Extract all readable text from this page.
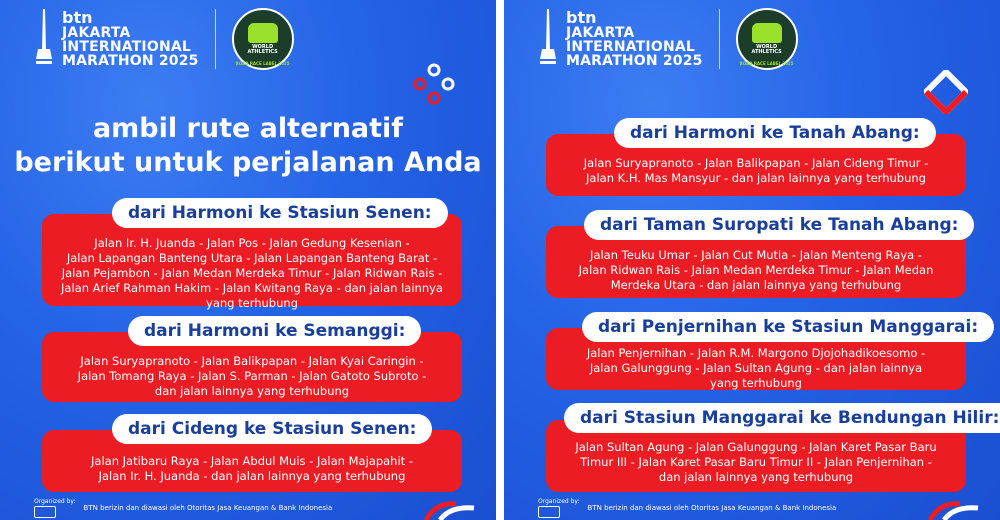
btn
JAKARTA
INTERNATIONAL
MARATHON 2025
WORLD
ATHLETICS
ROAD RACE LABEL 2025
ambil rute alternatif
berikut untuk perjalanan Anda
Jalan Ir. H. Juanda - Jalan Pos - Jalan Gedung Kesenian -
Jalan Lapangan Banteng Utara - Jalan Lapangan Banteng Barat -
Jalan Pejambon - Jalan Medan Merdeka Timur - Jalan Ridwan Rais -
Jalan Arief Rahman Hakim - Jalan Kwitang Raya - dan jalan lainnya
yang terhubung
dari Harmoni ke Stasiun Senen:
Jalan Suryapranoto - Jalan Balikpapan - Jalan Kyai Caringin -
Jalan Tomang Raya - Jalan S. Parman - Jalan Gatoto Subroto -
dan jalan lainnya yang terhubung
dari Harmoni ke Semanggi:
Jalan Jatibaru Raya - Jalan Abdul Muis - Jalan Majapahit -
Jalan Ir. H. Juanda - dan jalan lainnya yang terhubung
dari Cideng ke Stasiun Senen:
Organized by:
BTN berizin dan diawasi oleh Otoritas Jasa Keuangan & Bank Indonesia
btn
JAKARTA
INTERNATIONAL
MARATHON 2025
WORLD
ATHLETICS
ROAD RACE LABEL 2025
Jalan Suryapranoto - Jalan Balikpapan - Jalan Cideng Timur -
Jalan K.H. Mas Mansyur - dan jalan lainnya yang terhubung
dari Harmoni ke Tanah Abang:
Jalan Teuku Umar - Jalan Cut Mutia - Jalan Menteng Raya -
Jalan Ridwan Rais - Jalan Medan Merdeka Timur - Jalan Medan
Merdeka Utara - dan jalan lainnya yang terhubung
dari Taman Suropati ke Tanah Abang:
Jalan Penjernihan - Jalan R.M. Margono Djojohadikoesomo -
Jalan Galunggung - Jalan Sultan Agung - dan jalan lainnya
yang terhubung
dari Penjernihan ke Stasiun Manggarai:
Jalan Sultan Agung - Jalan Galunggung - Jalan Karet Pasar Baru
Timur III - Jalan Karet Pasar Baru Timur II - Jalan Penjernihan -
dan jalan lainnya yang terhubung
dari Stasiun Manggarai ke Bendungan Hilir:
Organized by:
BTN berizin dan diawasi oleh Otoritas Jasa Keuangan & Bank Indonesia
